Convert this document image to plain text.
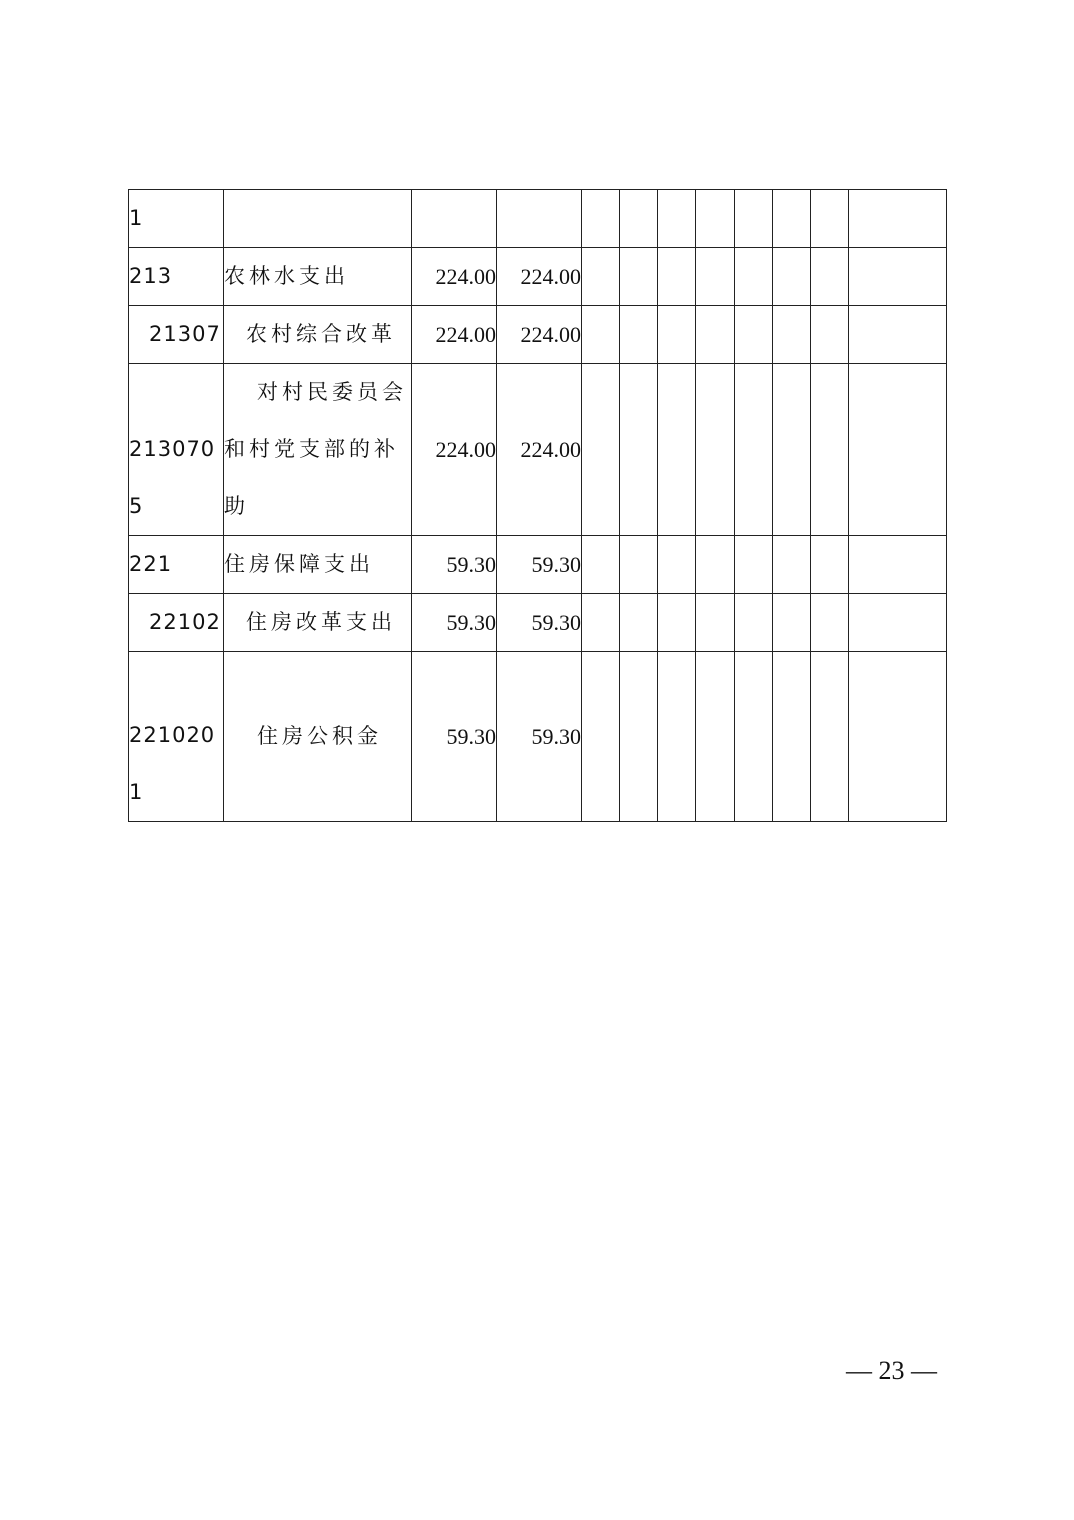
1											
213	农林水支出	224.00	224.00								
21307	农村综合改革	224.00	224.00								
2130705	对村民委员会和村党支部的补助	224.00	224.00								
221	住房保障支出	59.30	59.30								
22102	住房改革支出	59.30	59.30								
2210201	住房公积金	59.30	59.30								
— 23 —
